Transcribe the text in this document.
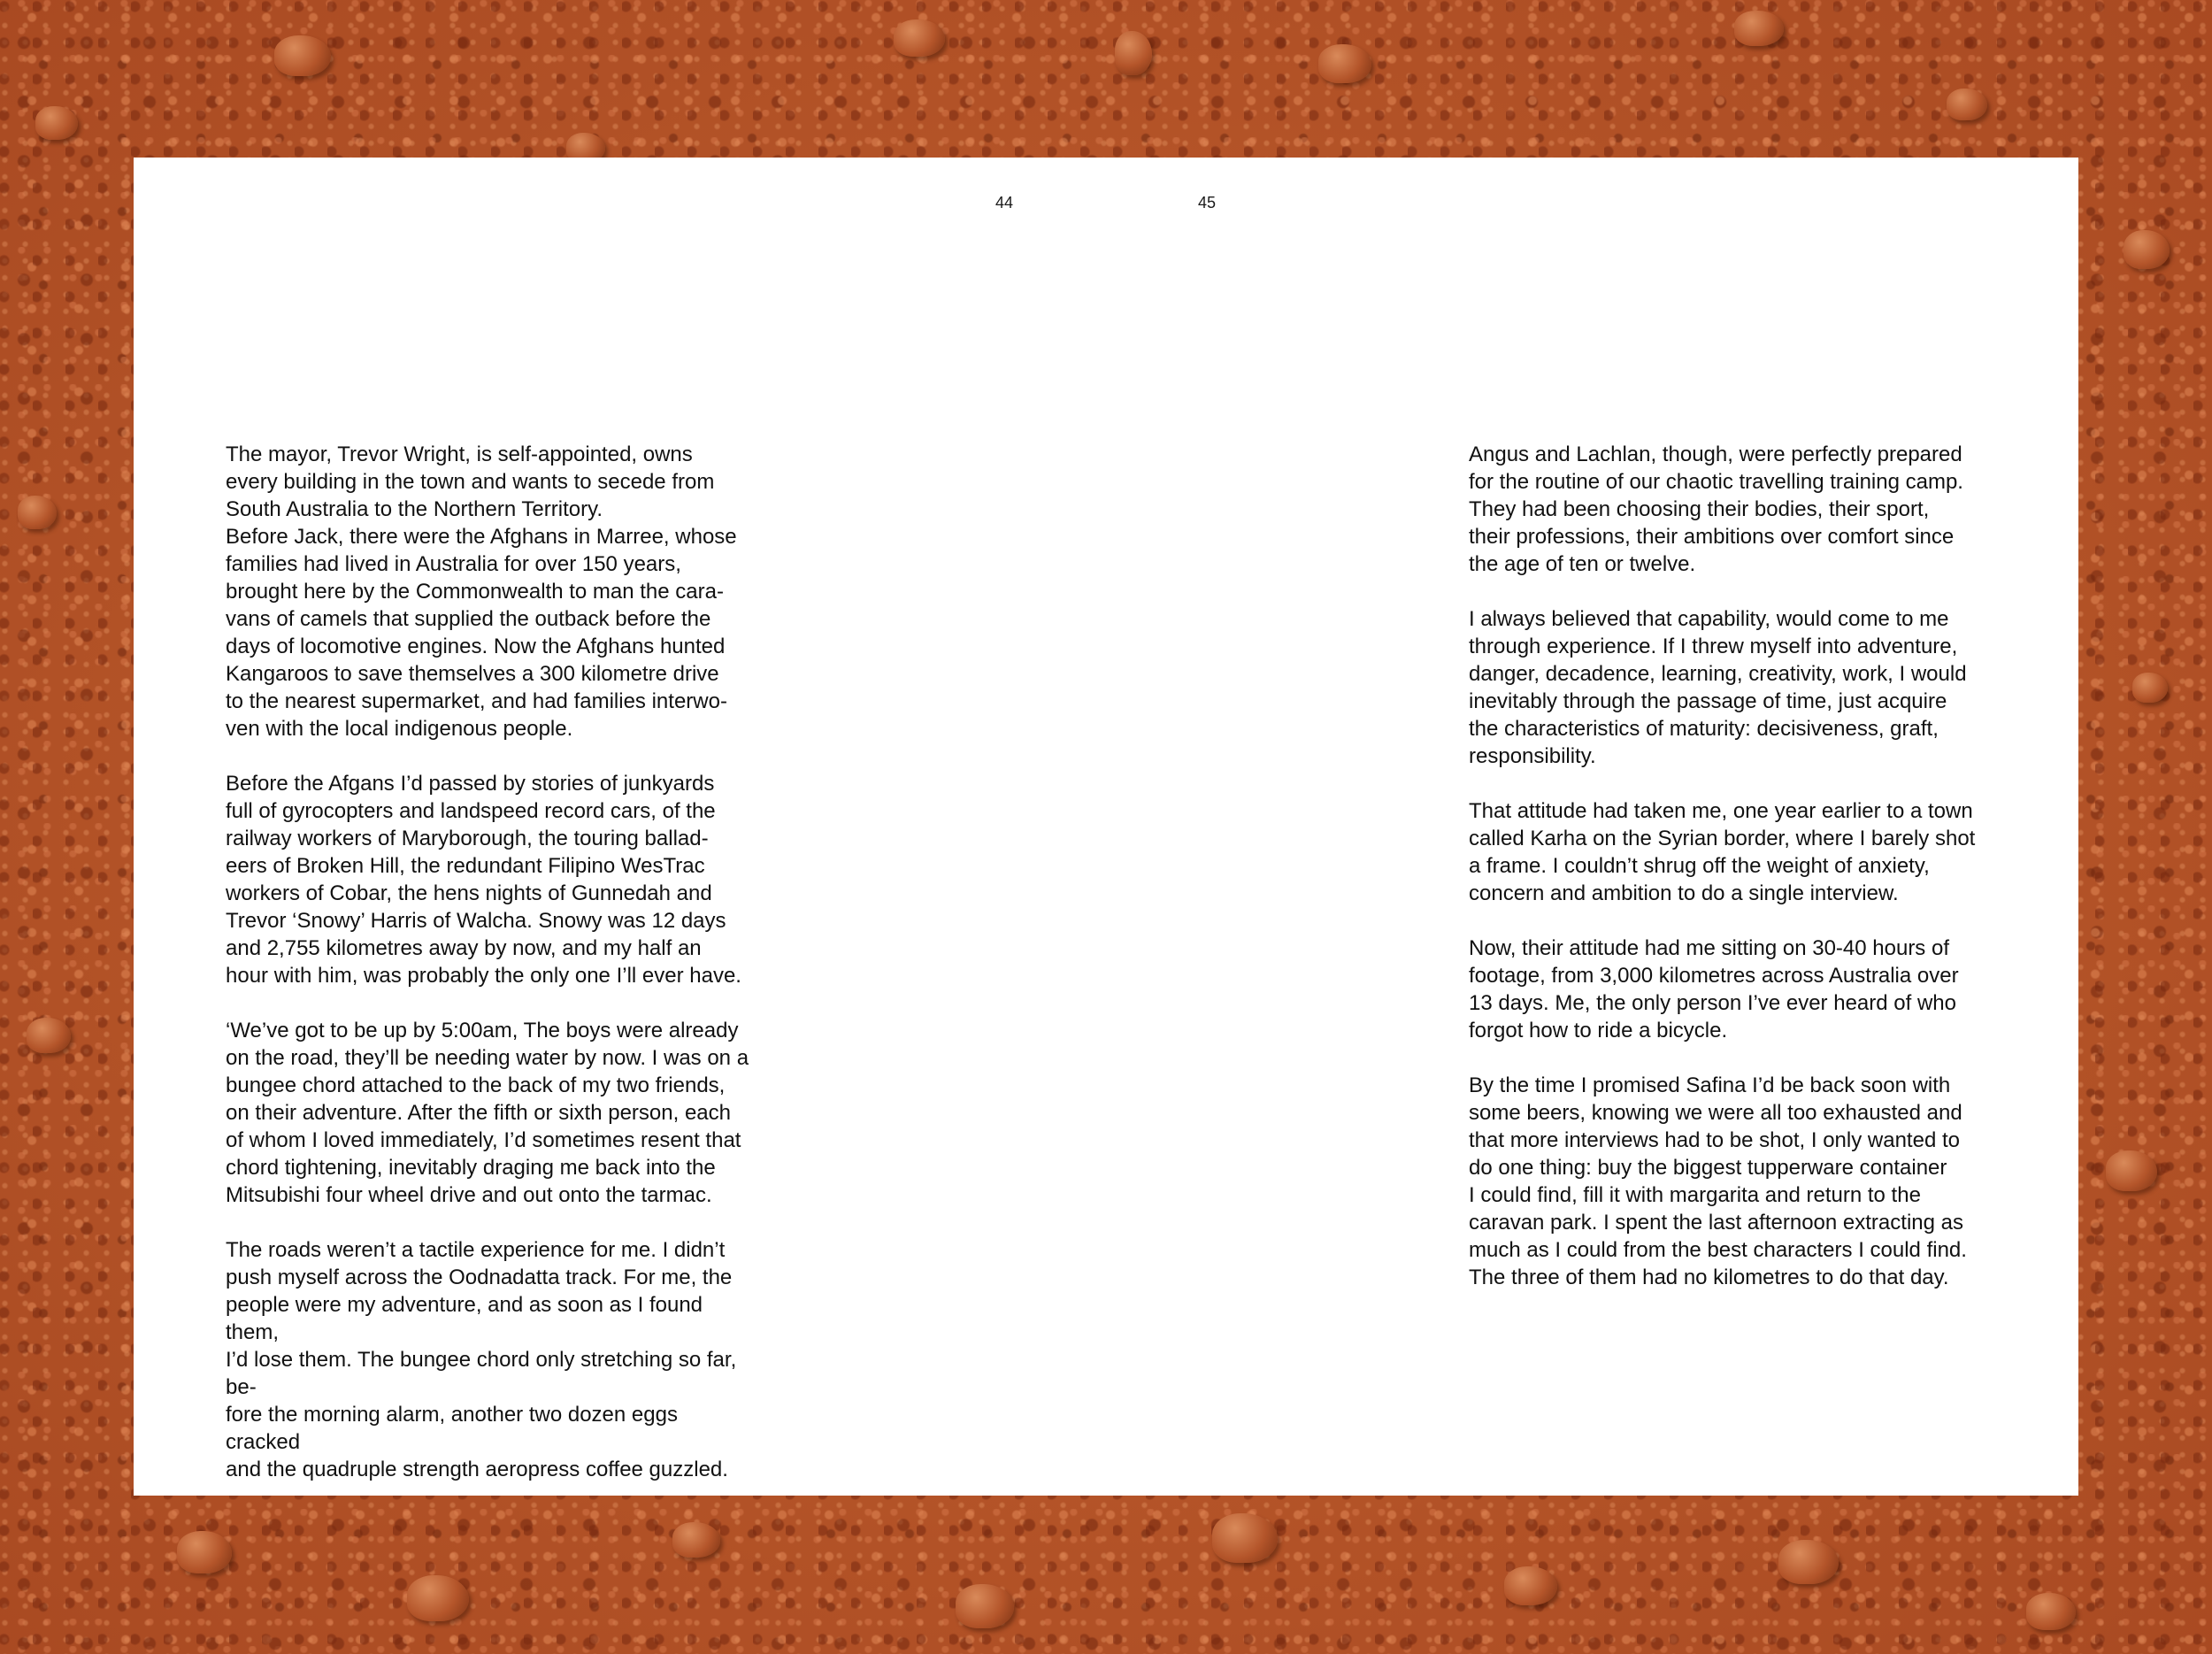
44	45

The mayor, Trevor Wright, is self-appointed, owns
every building in the town and wants to secede from
South Australia to the Northern Territory.
Before Jack, there were the Afghans in Marree, whose
families had lived in Australia for over 150 years,
brought here by the Commonwealth to man the cara-
vans of camels that supplied the outback before the
days of locomotive engines. Now the Afghans hunted
Kangaroos to save themselves a 300 kilometre drive
to the nearest supermarket, and had families interwo-
ven with the local indigenous people.

Before the Afgans I’d passed by stories of junkyards
full of gyrocopters and landspeed record cars, of the
railway workers of Maryborough, the touring ballad-
eers of Broken Hill, the redundant Filipino WesTrac
workers of Cobar, the hens nights of Gunnedah and
Trevor ‘Snowy’ Harris of Walcha. Snowy was 12 days
and 2,755 kilometres away by now, and my half an
hour with him, was probably the only one I’ll ever have.

‘We’ve got to be up by 5:00am, The boys were already
on the road, they’ll be needing water by now. I was on a
bungee chord attached to the back of my two friends,
on their adventure. After the fifth or sixth person, each
of whom I loved immediately, I’d sometimes resent that
chord tightening, inevitably draging me back into the
Mitsubishi four wheel drive and out onto the tarmac.

The roads weren’t a tactile experience for me. I didn’t
push myself across the Oodnadatta track. For me, the
people were my adventure, and as soon as I found them,
I’d lose them. The bungee chord only stretching so far, be-
fore the morning alarm, another two dozen eggs cracked
and the quadruple strength aeropress coffee guzzled.

Angus and Lachlan, though, were perfectly prepared
for the routine of our chaotic travelling training camp.
They had been choosing their bodies, their sport,
their professions, their ambitions over comfort since
the age of ten or twelve.

I always believed that capability, would come to me
through experience. If I threw myself into adventure,
danger, decadence, learning, creativity, work, I would
inevitably through the passage of time, just acquire
the characteristics of maturity: decisiveness, graft,
responsibility.

That attitude had taken me, one year earlier to a town
called Karha on the Syrian border, where I barely shot
a frame. I couldn’t shrug off the weight of anxiety,
concern and ambition to do a single interview.

Now, their attitude had me sitting on 30-40 hours of
footage, from 3,000 kilometres across Australia over
13 days. Me, the only person I’ve ever heard of who
forgot how to ride a bicycle.

By the time I promised Safina I’d be back soon with
some beers, knowing we were all too exhausted and
that more interviews had to be shot, I only wanted to
do one thing: buy the biggest tupperware container
I could find, fill it with margarita and return to the
caravan park. I spent the last afternoon extracting as
much as I could from the best characters I could find.
The three of them had no kilometres to do that day.
